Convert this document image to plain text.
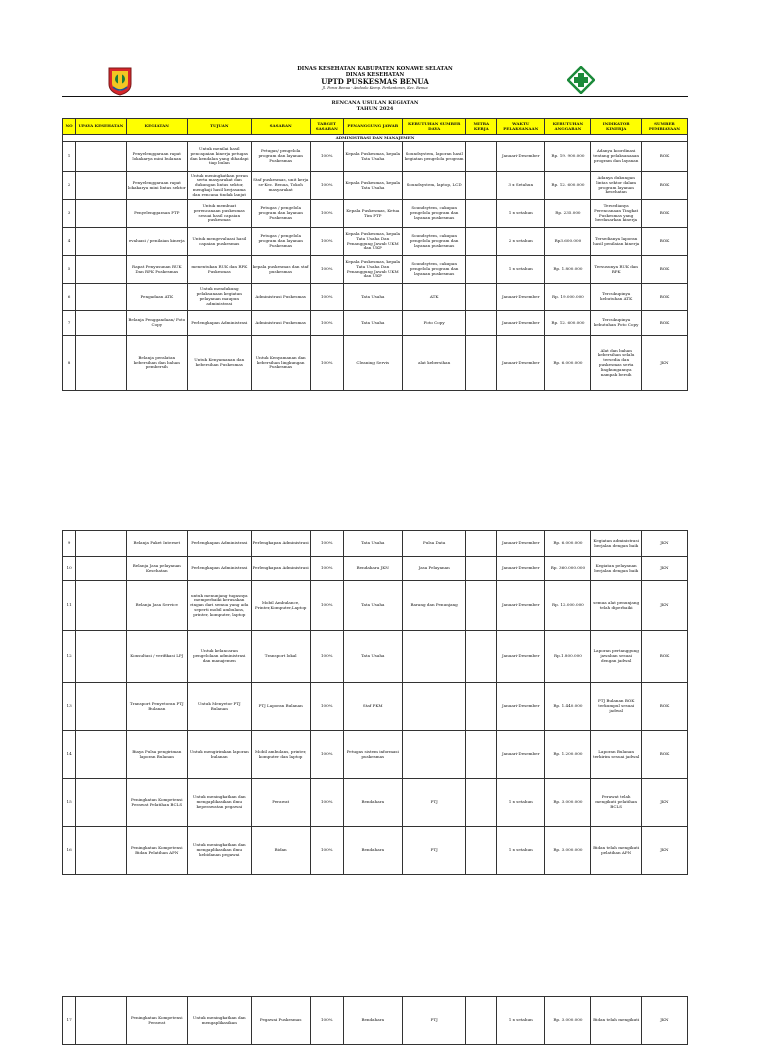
DINAS KESEHATAN KABUPATEN KONAWE SELATAN
DINAS KESEHATAN
UPTD PUSKESMAS BENUA
Jl. Poros Benua - Andoolo Kemp. Perkantoran, Kec. Benua
RENCANA USULAN KEGIATAN
TAHUN 2024
NO	UPAYA KESEHATAN	KEGIATAN	TUJUAN	SASARAN	TARGET SASARAN	PENANGGUNG JAWAB	KEBUTUHAN SUMBER DAYA	MITRA KERJA	WAKTU PELAKSANAAN	KEBUTUHAN ANGGARAN	INDIKATOR KINERJA	SUMBER PEMBIAYAAN
ADMINISTRASI DAN MANAJEMEN												
1		Penyelenggaraan rapat lokakarya mini bulanan	Untuk menilai hasil pencapaian kinerja petugas dan kendalan yang dihadapi tiap bulan	Petugas/ pengelola program dan layanan Puskesmas	100%	Kepala Puskesmas, kepala Tata Usaha	Soundsystem, laporan hasil kegiatan pengelola program		Januari-Desember	Rp. 19. 900.000	Adanya koordinasi tentang pelaksanaaan program dan layanan	BOK
2		Penyelenggaraan rapat lokakarya mini lintas sektor	Untuk meningkatkan peran serta masyarakat dan dukungan lintas sektor, mengkaji hasil kerjasama dan rencana tindak lanjut	Staf puskesmas, unit kerja se-Kec. Benua, Tokoh masyarakat	100%	Kepala Puskesmas, kepala Tata Usaha	Soundsystem, laptop, LCD		3 x Setahun	Rp. 12. 600.000	Adanya dukungan lintas sektor dalam program layanan kesehatan	BOK
3		Penyelenggaraan PTP	Untuk membuat perencanaan puskesmas sesuai hasil capaian puskesmas	Petugas / pengelola program dan layanan Puskesmas	100%	Kepala Puskesmas, Ketua Tim PTP	Soundsytem, cakupan pengelola program dan layanan puskesmas		1 x setahun	Rp. 235.000	Tersedianya Perencanaan Tingkat Puskesmas yang berdasarkan kinerja	BOK
4		evaluasi / penilaian kinerja	Untuk mengevaluasi hasil capaian puskesmas	Petugas / pengelola program dan layanan Puskesmas	100%	Kepala Puskesmas, kepala Tata Usaha Dan Penanggung Jawab UKM dan UKP	Soundsytem, cakupan pengelola program dan layanan puskesmas		2 x setahun	Rp3.600.000	Tersedianya laporan hasil penilaian kinerja	BOK
5		Rapat Penyusunan RUK Dan RPK Puskesmas	menentukan RUK dan RPK Puskesmas	kepala puskesmas dan staf puskesmas	100%	Kepala Puskesmas, kepala Tata Usaha Dan Penanggung Jawab UKM dan UKP	Soundsytem, cakupan pengelola program dan layanan puskesmas		1 x setahun	Rp. 1.800.000	Tersusunya RUK dan RPK	BOK
6		Pengadaan ATK	Untuk mendukung pelaksanaan kegiatan pelayanan maupun administrasi	Administrasi Puskesmas	100%	Tata Usaha	ATK		Januari-Desember	Rp. 19.000.000	Tercukupinya kebutuhan ATK	BOK
7		Belanja Penggandaan/ Foto Copy	Perlengkapan Administrasi	Administrasi Puskesmas	100%	Tata Usaha	Foto Copy		Januari-Desember	Rp. 12. 600.000	Tercukupinya kebutuhan Foto Copy	BOK
8		Belanja peralatan kebersihan dan bahan pembersih	Untuk Kenyamanan dan kebersihan Puskesmas	Untuk Kenyamanan dan kebersihan lingkungan Puskesmas	100%	Cleaning Servis	alat kebersihan		Januari-Desember	Rp. 6.000.000	Alat dan bahan kebersihan selalu tersedia dan puskesmas serta lingkungannya nampak bersih	JKN
9		Belanja Paket Internet	Perlengkapan Administrasi	Perlengkapan Administrasi	100%	Tata Usaha	Pulsa Data		Januari-Desember	Rp. 6.000.000	Kegiatan administrasi berjalan dengan baik	JKN
10		Belanja Jasa pelayanan Kesehatan	Perlengkapan Administrasi	Perlengkapan Administrasi	100%	Bendahara JKN	Jasa Pelayanan		Januari-Desember	Rp. 360.000.000	Kegiatan pelayanan berjalan dengan baik	JKN
11		Belanja Jasa Service	untuk menunjang tugasnya memperbaiki kerusakan ringan dari semua yang ada seperti mobil ambulans, printer, komputer, laptop	Mobil Ambulance, Printer,Komputer,Laptop	100%	Tata Usaha	Barang dan Penunjang		Januari-Desember	Rp. 12.000.000	semua alat penunjang telah diperbaiki	JKN
12		Konsultasi / verifikasi LPJ	Untuk kelancaran pengelolaan administrasi dan manajemen	Transport lokal	100%	Tata Usaha			Januari-Desember	Rp.1.800.000	Laporan pertanggung jawaban sesuai dengan jadwal	BOK
13		Transport Penyetoran PTJ Bulanan	Untuk Menyetor PTJ Bulanan	PTJ Laporan Bulanan	100%	Staf PKM			Januari-Desember	Rp. 1.440.000	PTJ Bulanan BOK terkumpul sesuai jadwal	BOK
14		Biaya Pulsa pengiriman laporan Bulanan	Untuk mengirimkan laporan bulanan	Mobil ambulans, printer, komputer dan laptop	100%	Petugas sistem informasi puskesmas			Januari-Desember	Rp. 1.200.000	Laporan Bulanan terkirim sesuai jadwal	BOK
15		Peningkatan Kompetensi Perawat Pelatihan BCLS	Untuk meningkatkan dan mengaplikasikan ilmu keperawatan pegawai	Perawat	100%	Bendahara	PTJ		1 x setahun	Rp. 3.000.000	Perawat telah mengikuti pelatihan BCLS	JKN
16		Peningkatan Kompetensi Bidan Pelatihan APN	Untuk meningkatkan dan mengaplikasikan ilmu kebidanan pegawai	Bidan	100%	Bendahara	PTJ		1 x setahun	Rp. 3.000.000	Bidan telah mengikuti pelatihan APN	JKN
17		Peningkatan Kompetensi Perawat	Untuk meningkatkan dan mengaplikasikan	Pegawai Puskesmas	100%	Bendahara	PTJ		1 x setahun	Rp. 3.000.000	Bidan telah mengikuti	JKN
